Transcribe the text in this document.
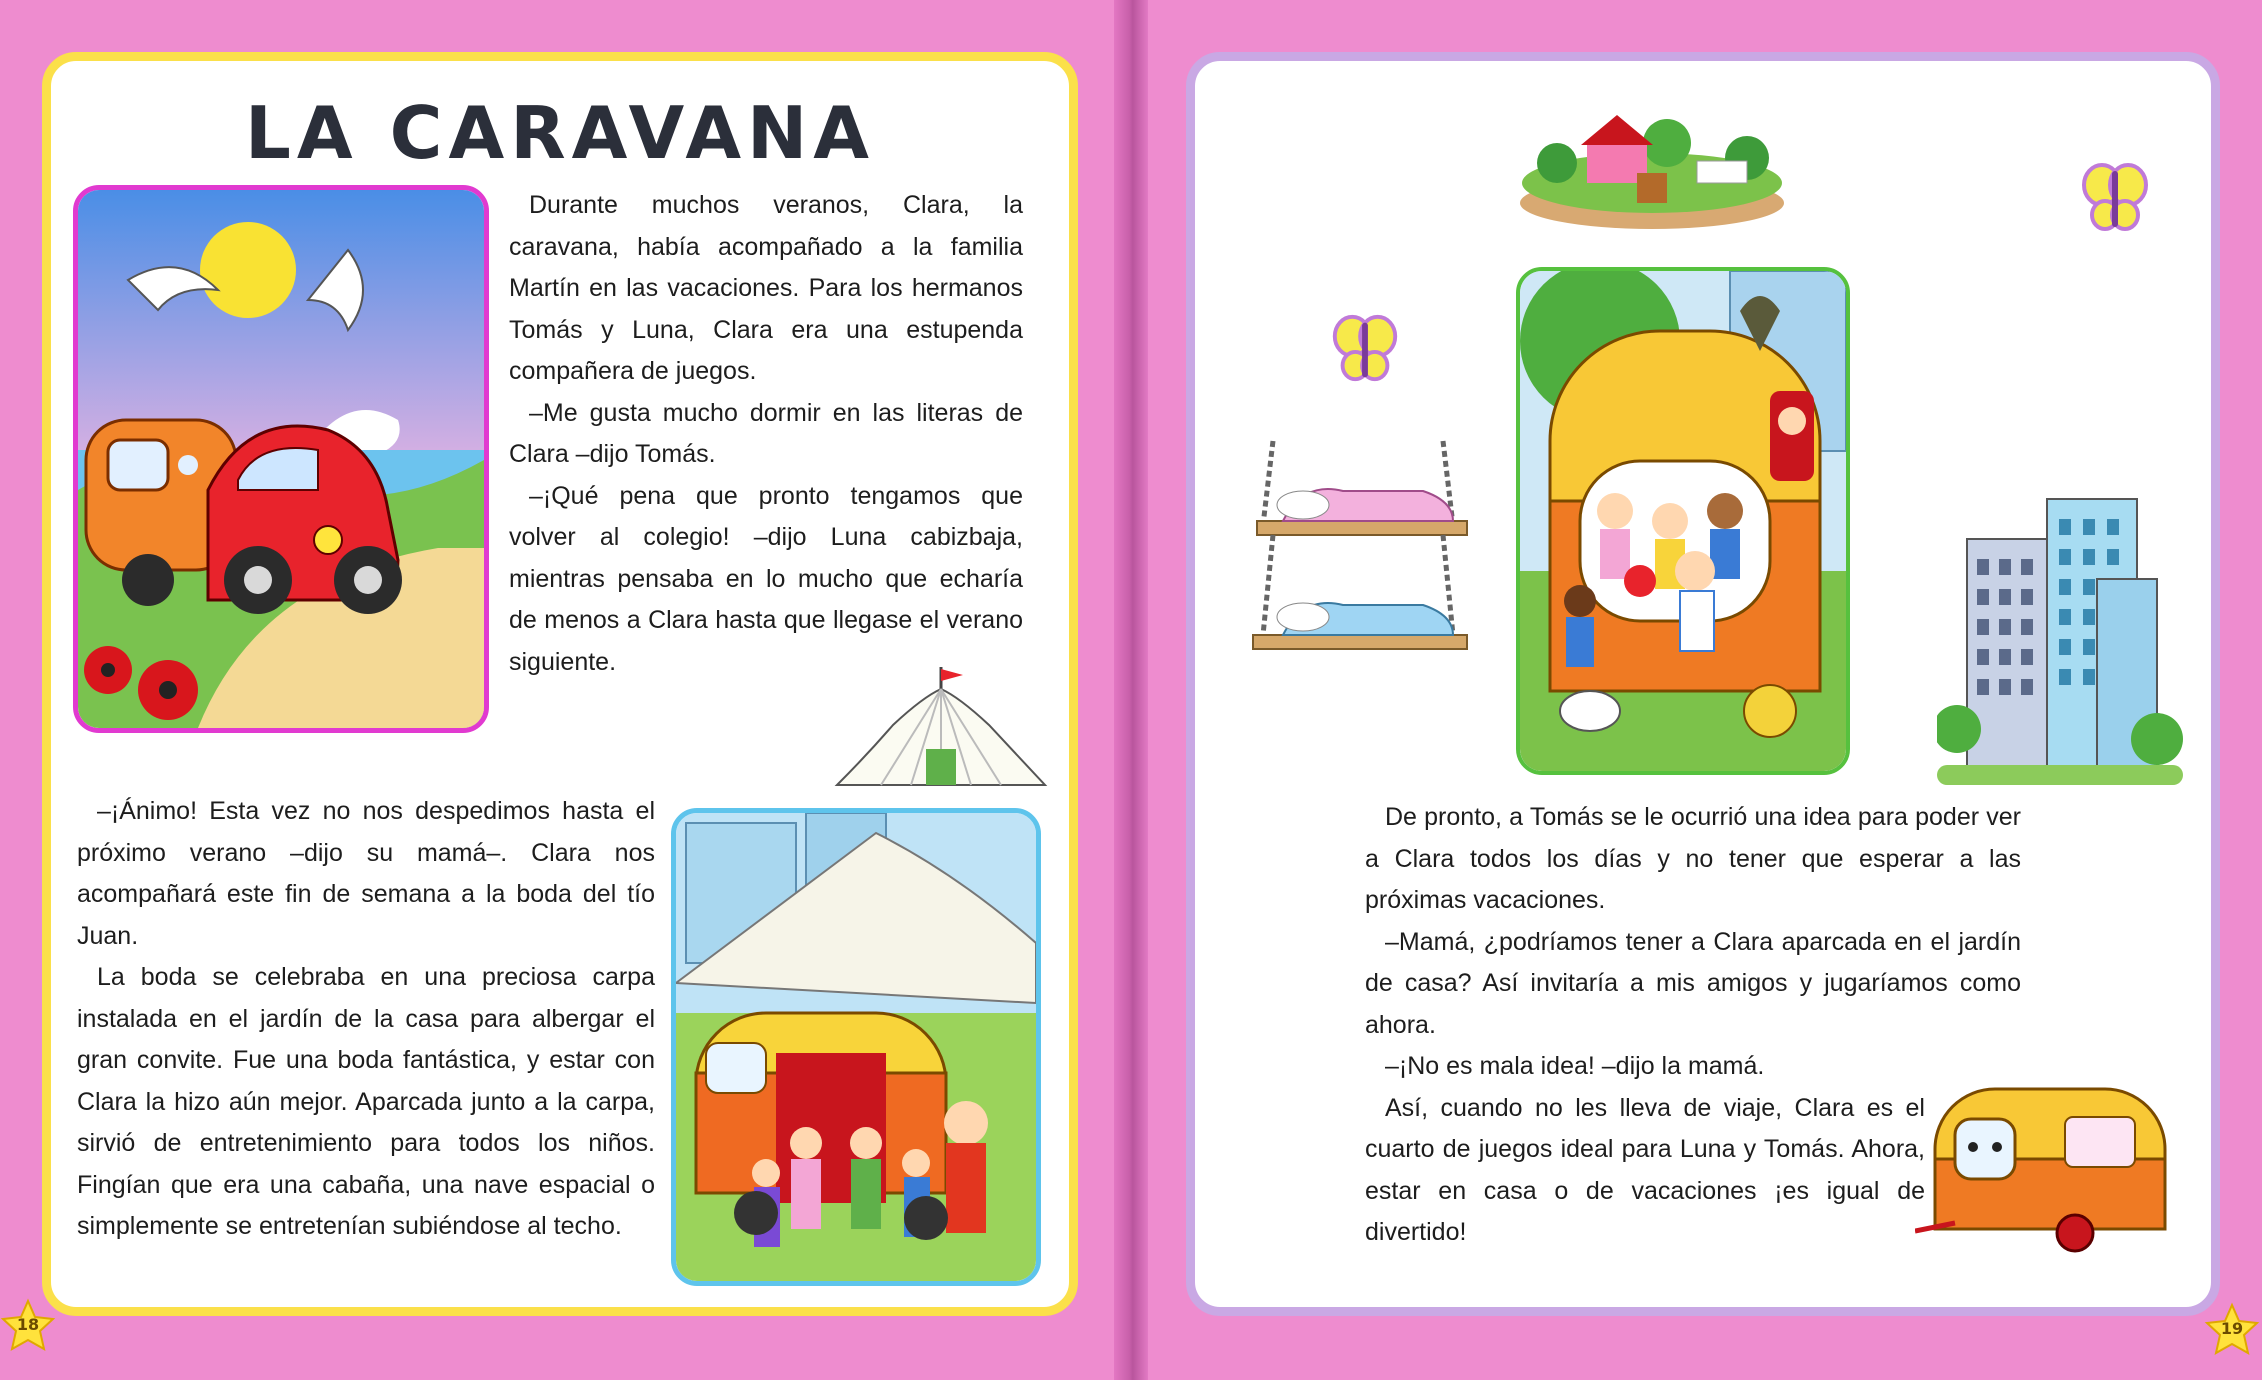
LA CARAVANA

Durante muchos veranos, Clara, la caravana, había acompañado a la familia Martín en las vacaciones. Para los hermanos Tomás y Luna, Clara era una estupenda compañera de juegos.

–Me gusta mucho dormir en las literas de Clara –dijo Tomás.

–¡Qué pena que pronto tengamos que volver al colegio! –dijo Luna cabizbaja, mientras pensaba en lo mucho que echaría de menos a Clara hasta que llegase el verano siguiente.

–¡Ánimo! Esta vez no nos despedimos hasta el próximo verano –dijo su mamá–. Clara nos acompañará este fin de semana a la boda del tío Juan.

La boda se celebraba en una preciosa carpa instalada en el jardín de la casa para albergar el gran convite. Fue una boda fantástica, y estar con Clara la hizo aún mejor. Aparcada junto a la carpa, sirvió de entretenimiento para todos los niños. Fingían que era una cabaña, una nave espacial o simplemente se entretenían subiéndose al techo.

De pronto, a Tomás se le ocurrió una idea para poder ver a Clara todos los días y no tener que esperar a las próximas vacaciones.

–Mamá, ¿podríamos tener a Clara aparcada en el jardín de casa? Así invitaría a mis amigos y jugaríamos como ahora.

–¡No es mala idea! –dijo la mamá.

Así, cuando no les lleva de viaje, Clara es el cuarto de juegos ideal para Luna y Tomás. Ahora, estar en casa o de vacaciones ¡es igual de divertido!

18	19
